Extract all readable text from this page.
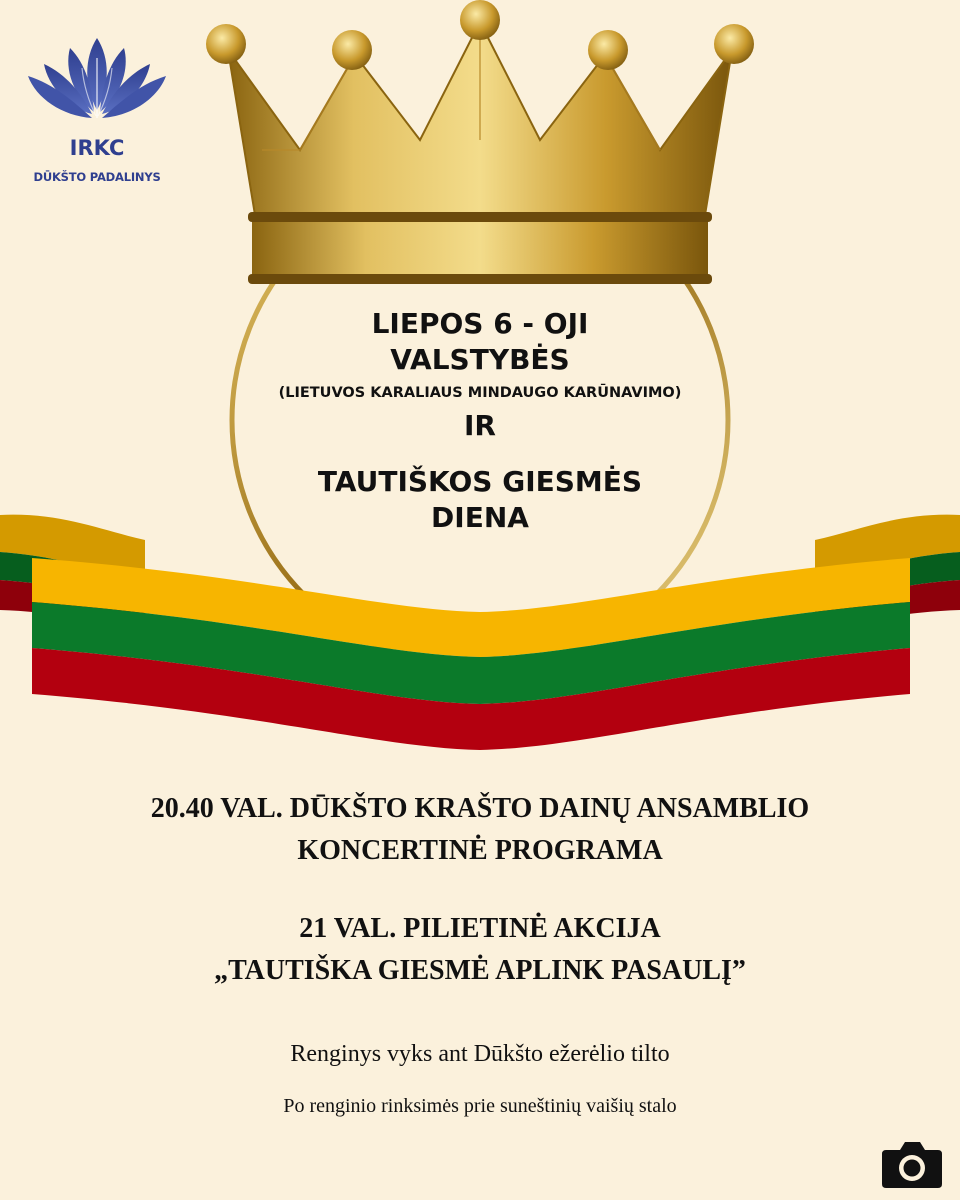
IRKC
DŪKŠTO PADALINYS
LIEPOS 6 - OJI
VALSTYBĖS
(LIETUVOS KARALIAUS MINDAUGO KARŪNAVIMO)
IR
TAUTIŠKOS GIESMĖS
DIENA
20.40 VAL. DŪKŠTO KRAŠTO DAINŲ ANSAMBLIO
KONCERTINĖ PROGRAMA
21 VAL. PILIETINĖ AKCIJA
„TAUTIŠKA GIESMĖ APLINK PASAULĮ”
Renginys vyks ant Dūkšto ežerėlio tilto
Po renginio rinksimės prie suneštinių vaišių stalo
